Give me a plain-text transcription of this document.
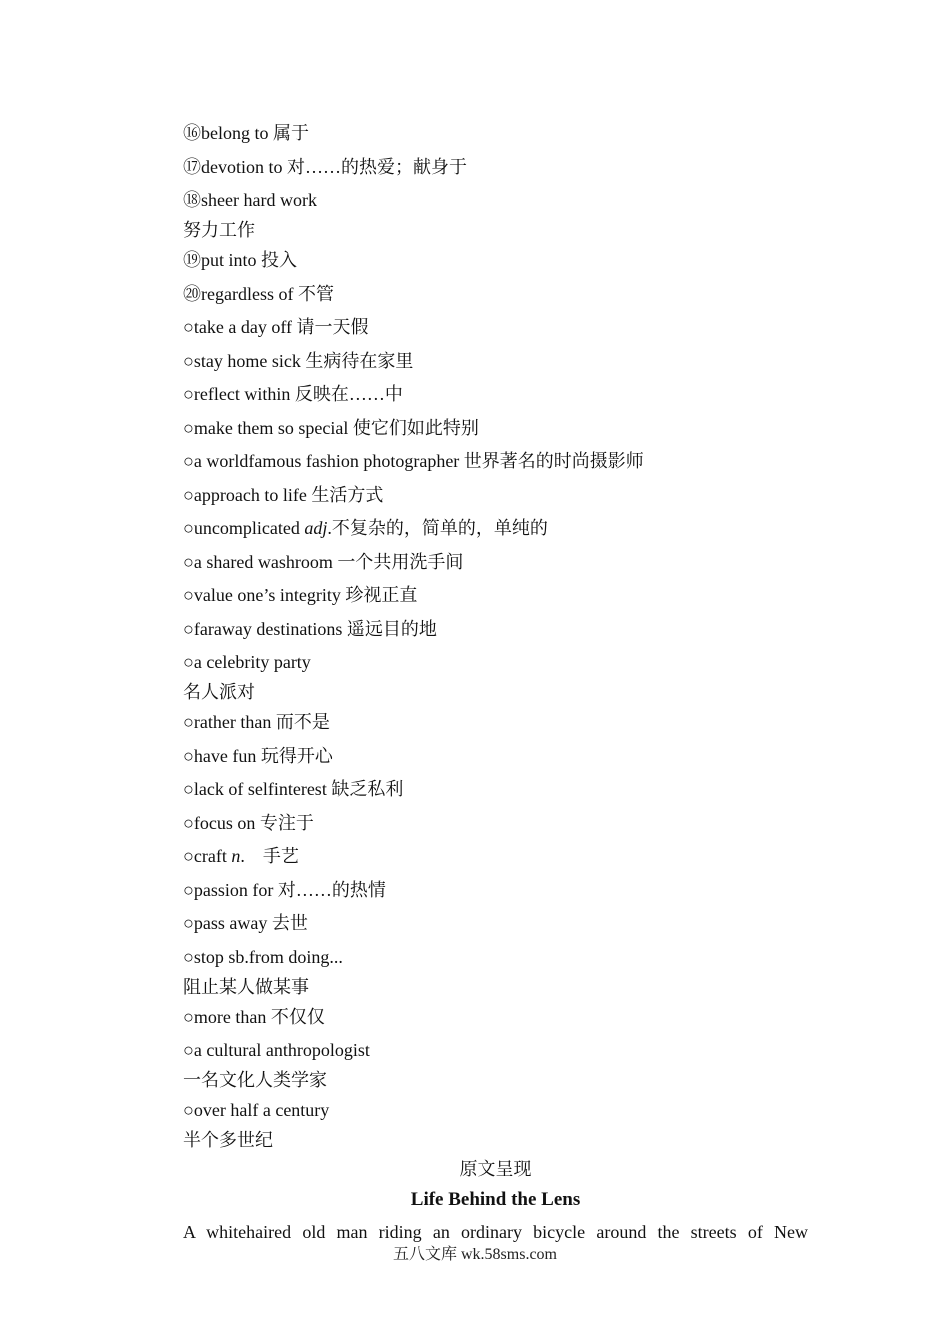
⑯belong to 属于
⑰devotion to 对……的热爱；献身于
⑱sheer hard work
努力工作
⑲put into 投入
⑳regardless of 不管
○take a day off 请一天假
○stay home sick 生病待在家里
○reflect within 反映在……中
○make them so special 使它们如此特别
○a worldfamous fashion photographer 世界著名的时尚摄影师
○approach to life 生活方式
○uncomplicated adj.不复杂的，简单的，单纯的
○a shared washroom 一个共用洗手间
○value one’s integrity 珍视正直
○faraway destinations 遥远目的地
○a celebrity party
名人派对
○rather than 而不是
○have fun 玩得开心
○lack of selfinterest 缺乏私利
○focus on 专注于
○craft n.　手艺
○passion for 对……的热情
○pass away 去世
○stop sb.from doing...
阻止某人做某事
○more than 不仅仅
○a cultural anthropologist
一名文化人类学家
○over half a century
半个多世纪
原文呈现
Life Behind the Lens
A whitehaired old man riding an ordinary bicycle around the streets of New
五八文库 wk.58sms.com
